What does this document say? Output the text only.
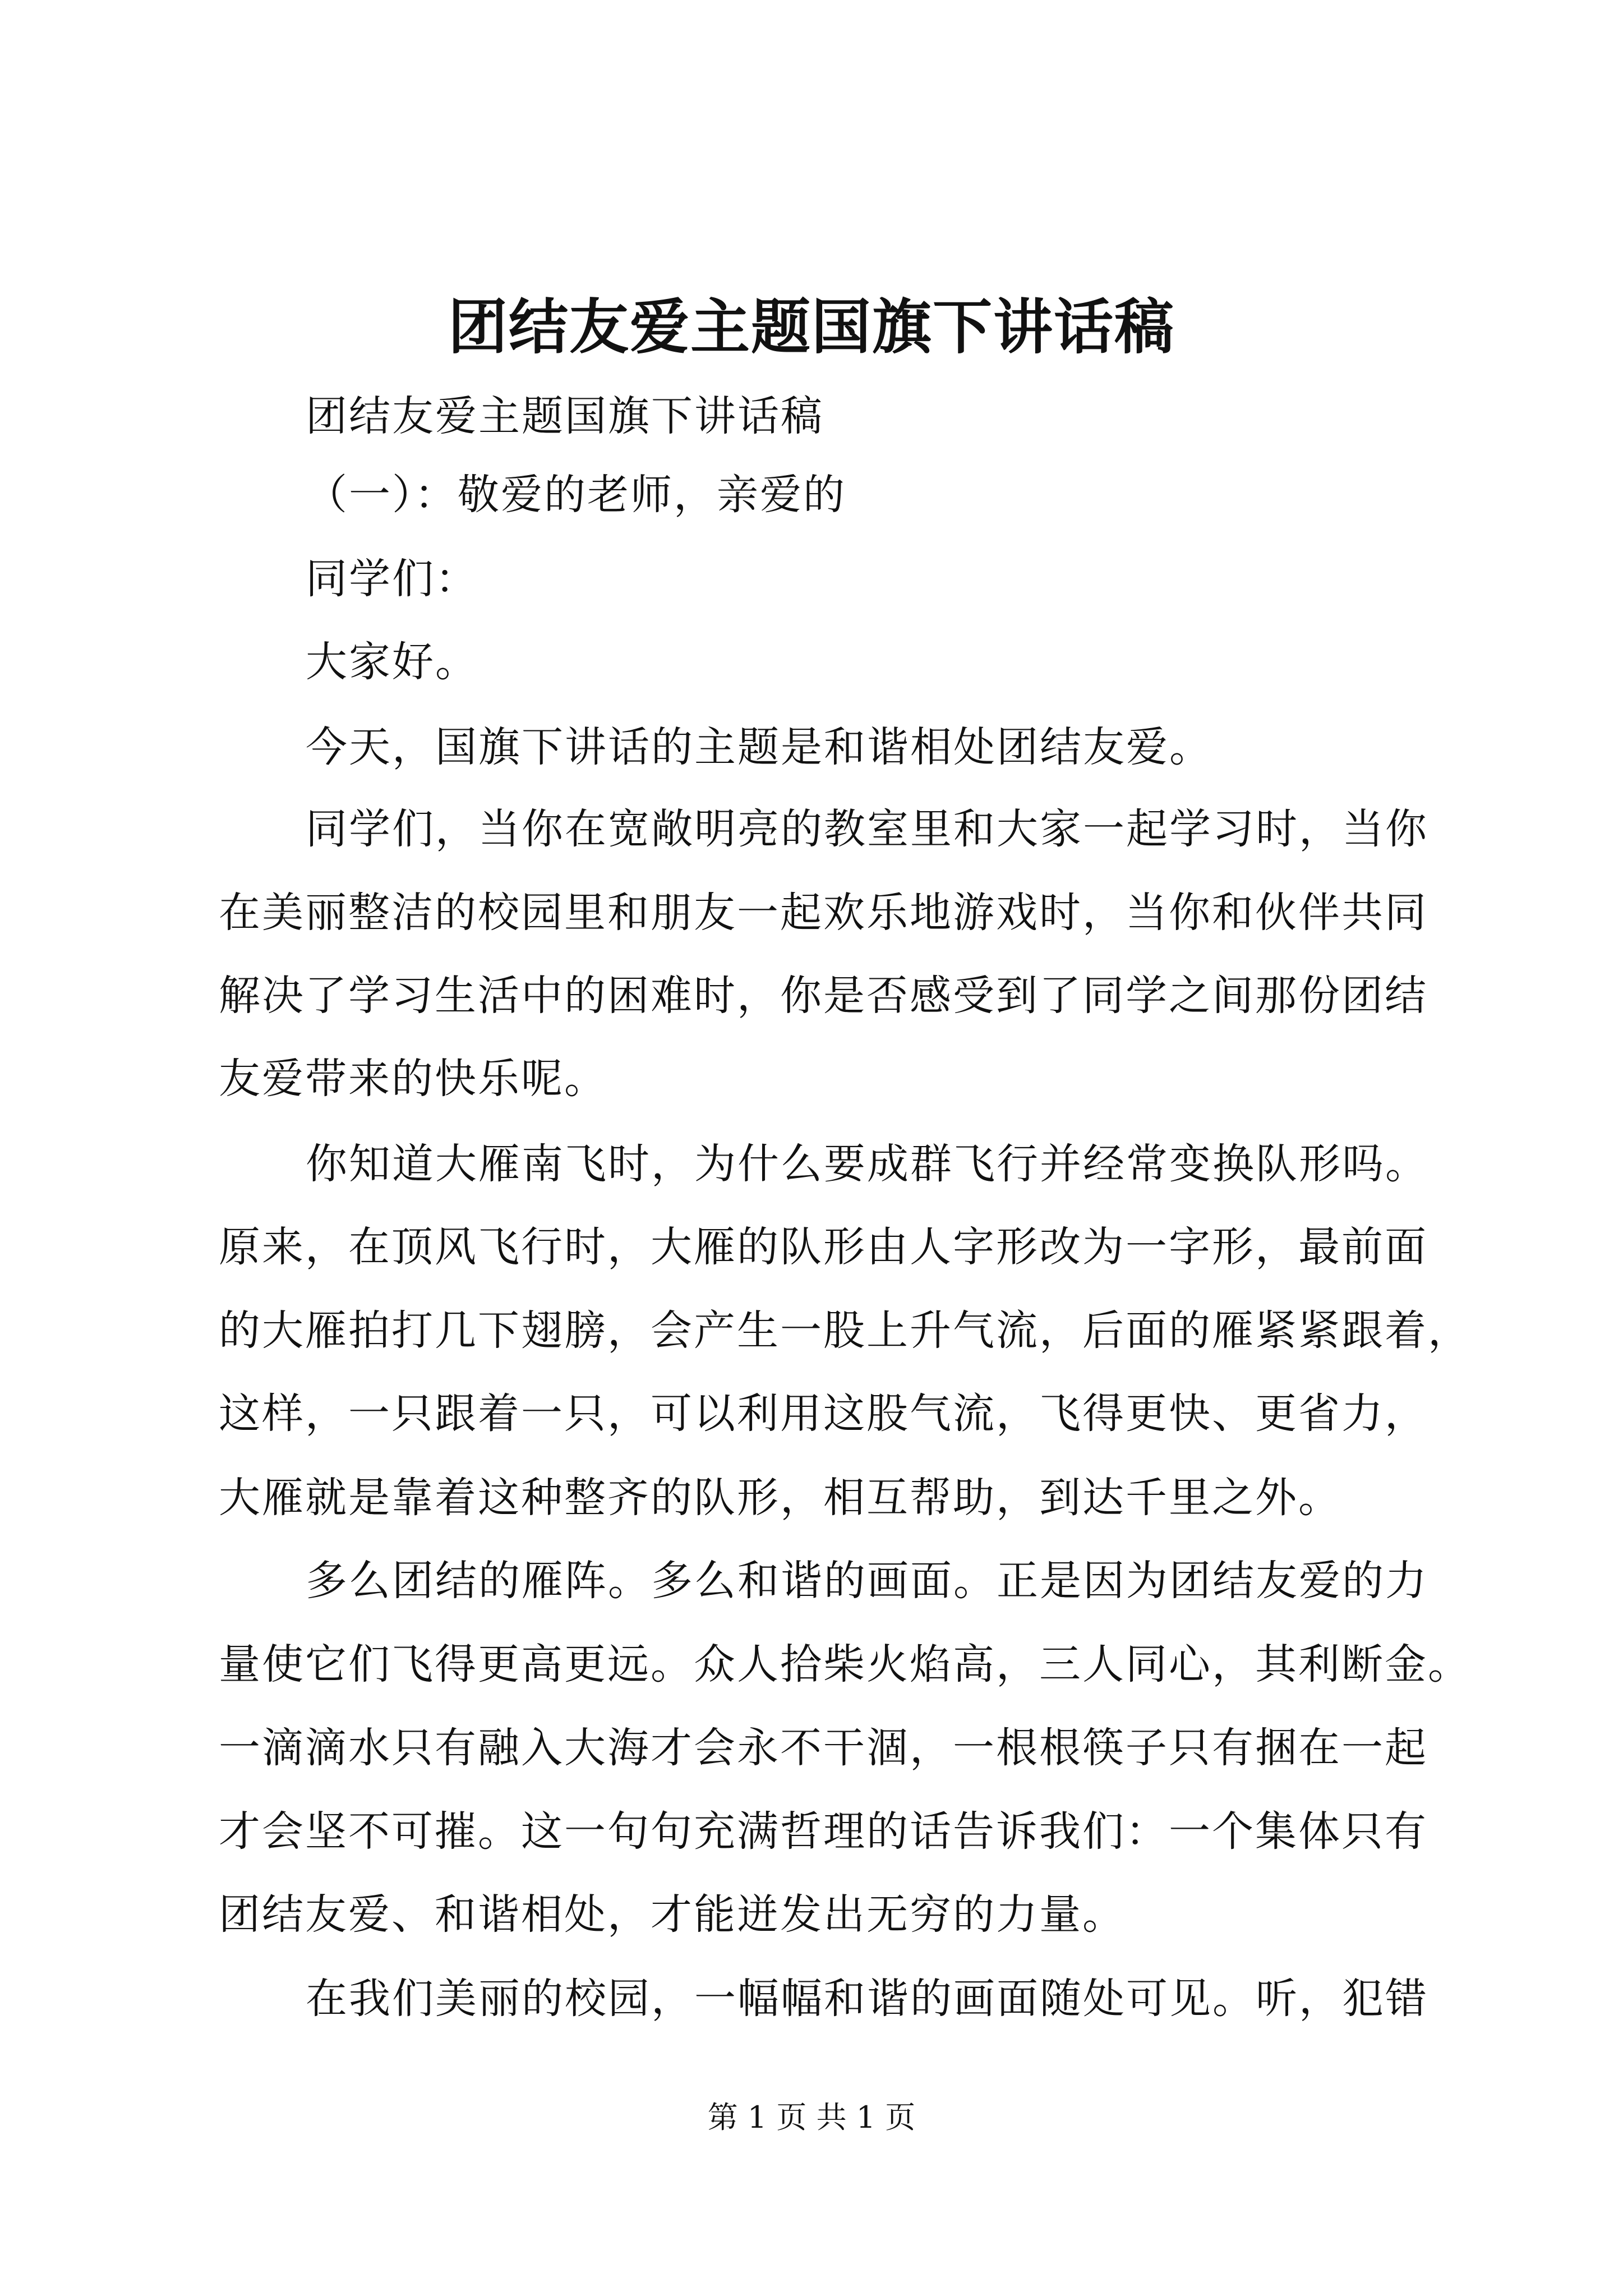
团结友爱主题国旗下讲话稿
团结友爱主题国旗下讲话稿
（一）：敬爱的老师，亲爱的
同学们：
大家好。
今天，国旗下讲话的主题是和谐相处团结友爱。
同学们，当你在宽敞明亮的教室里和大家一起学习时，当你
在美丽整洁的校园里和朋友一起欢乐地游戏时，当你和伙伴共同
解决了学习生活中的困难时，你是否感受到了同学之间那份团结
友爱带来的快乐呢。
你知道大雁南飞时，为什么要成群飞行并经常变换队形吗。
原来，在顶风飞行时，大雁的队形由人字形改为一字形，最前面
的大雁拍打几下翅膀，会产生一股上升气流，后面的雁紧紧跟着，
这样，一只跟着一只，可以利用这股气流，飞得更快、更省力，
大雁就是靠着这种整齐的队形，相互帮助，到达千里之外。
多么团结的雁阵。多么和谐的画面。正是因为团结友爱的力
量使它们飞得更高更远。众人拾柴火焰高，三人同心，其利断金。
一滴滴水只有融入大海才会永不干涸，一根根筷子只有捆在一起
才会坚不可摧。这一句句充满哲理的话告诉我们：一个集体只有
团结友爱、和谐相处，才能迸发出无穷的力量。
在我们美丽的校园，一幅幅和谐的画面随处可见。听，犯错
第 1 页 共 1 页
